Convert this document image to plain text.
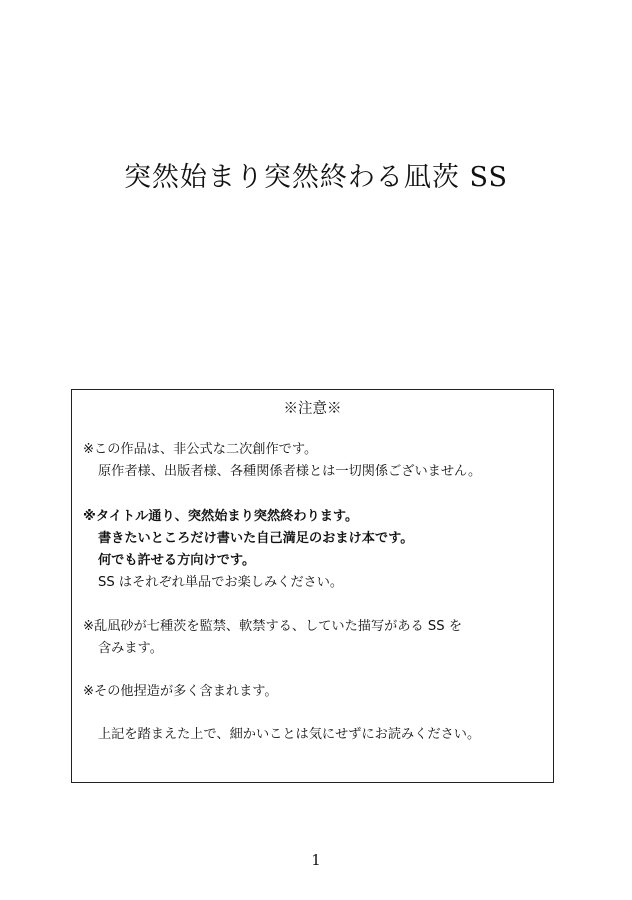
突然始まり突然終わる凪茨 SS
※注意※
※この作品は、非公式な二次創作です。
原作者様、出版者様、各種関係者様とは一切関係ございません。
※タイトル通り、突然始まり突然終わります。
書きたいところだけ書いた自己満足のおまけ本です。
何でも許せる方向けです。
SS はそれぞれ単品でお楽しみください。
※乱凪砂が七種茨を監禁、軟禁する、していた描写がある SS を
含みます。
※その他捏造が多く含まれます。
上記を踏まえた上で、細かいことは気にせずにお読みください。
1
